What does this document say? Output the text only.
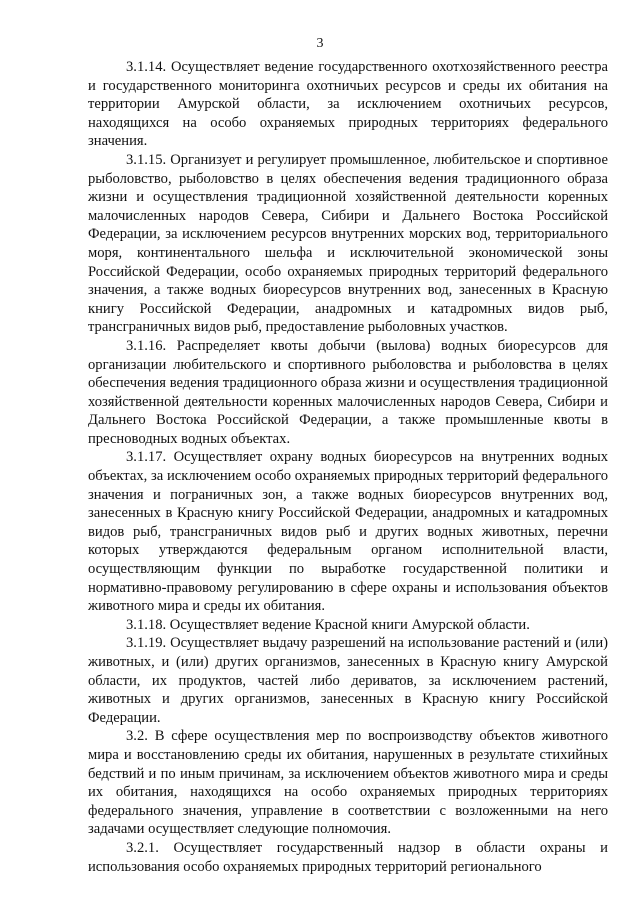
3

3.1.14. Осуществляет ведение государственного охотхозяйственного реестра и государственного мониторинга охотничьих ресурсов и среды их обитания на территории Амурской области, за исключением охотничьих ресурсов, находящихся на особо охраняемых природных территориях федерального значения.

3.1.15. Организует и регулирует промышленное, любительское и спортивное рыболовство, рыболовство в целях обеспечения ведения традиционного образа жизни и осуществления традиционной хозяйственной деятельности коренных малочисленных народов Севера, Сибири и Дальнего Востока Российской Федерации, за исключением ресурсов внутренних морских вод, территориального моря, континентального шельфа и исключительной экономической зоны Российской Федерации, особо охраняемых природных территорий федерального значения, а также водных биоресурсов внутренних вод, занесенных в Красную книгу Российской Федерации, анадромных и катадромных видов рыб, трансграничных видов рыб, предоставление рыболовных участков.

3.1.16. Распределяет квоты добычи (вылова) водных биоресурсов для организации любительского и спортивного рыболовства и рыболовства в целях обеспечения ведения традиционного образа жизни и осуществления традиционной хозяйственной деятельности коренных малочисленных народов Севера, Сибири и Дальнего Востока Российской Федерации, а также промышленные квоты в пресноводных водных объектах.

3.1.17. Осуществляет охрану водных биоресурсов на внутренних водных объектах, за исключением особо охраняемых природных территорий федерального значения и пограничных зон, а также водных биоресурсов внутренних вод, занесенных в Красную книгу Российской Федерации, анадромных и катадромных видов рыб, трансграничных видов рыб и других водных животных, перечни которых утверждаются федеральным органом исполнительной власти, осуществляющим функции по выработке государственной политики и нормативно-правовому регулированию в сфере охраны и использования объектов животного мира и среды их обитания.

3.1.18. Осуществляет ведение Красной книги Амурской области.

3.1.19. Осуществляет выдачу разрешений на использование растений и (или) животных, и (или) других организмов, занесенных в Красную книгу Амурской области, их продуктов, частей либо дериватов, за исключением растений, животных и других организмов, занесенных в Красную книгу Российской Федерации.

3.2. В сфере осуществления мер по воспроизводству объектов животного мира и восстановлению среды их обитания, нарушенных в результате стихийных бедствий и по иным причинам, за исключением объектов животного мира и среды их обитания, находящихся на особо охраняемых природных территориях федерального значения, управление в соответствии с возложенными на него задачами осуществляет следующие полномочия.

3.2.1. Осуществляет государственный надзор в области охраны и использования особо охраняемых природных территорий регионального
